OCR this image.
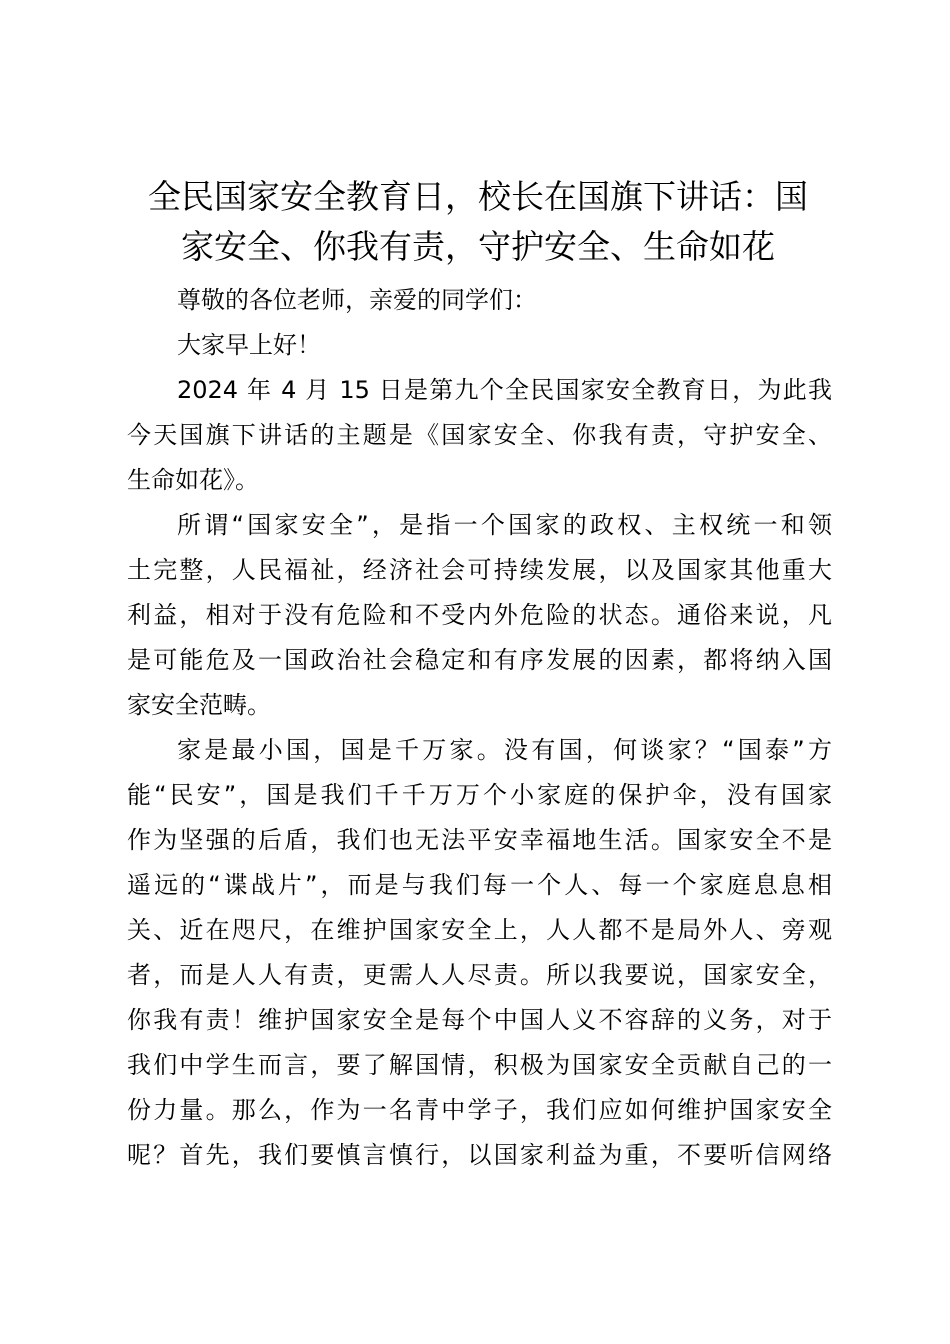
全民国家安全教育日，校长在国旗下讲话：国
家安全、你我有责，守护安全、生命如花
尊敬的各位老师，亲爱的同学们：
大家早上好！
2024 年 4 月 15 日是第九个全民国家安全教育日，为此我
今天国旗下讲话的主题是《国家安全、你我有责，守护安全、
生命如花》。
所谓“国家安全”，是指一个国家的政权、主权统一和领
土完整，人民福祉，经济社会可持续发展，以及国家其他重大
利益，相对于没有危险和不受内外危险的状态。通俗来说，凡
是可能危及一国政治社会稳定和有序发展的因素，都将纳入国
家安全范畴。
家是最小国，国是千万家。没有国，何谈家？“国泰”方
能“民安”，国是我们千千万万个小家庭的保护伞，没有国家
作为坚强的后盾，我们也无法平安幸福地生活。国家安全不是
遥远的“谍战片”，而是与我们每一个人、每一个家庭息息相
关、近在咫尺，在维护国家安全上，人人都不是局外人、旁观
者，而是人人有责，更需人人尽责。所以我要说，国家安全，
你我有责！维护国家安全是每个中国人义不容辞的义务，对于
我们中学生而言，要了解国情，积极为国家安全贡献自己的一
份力量。那么，作为一名青中学子，我们应如何维护国家安全
呢？首先，我们要慎言慎行，以国家利益为重，不要听信网络
